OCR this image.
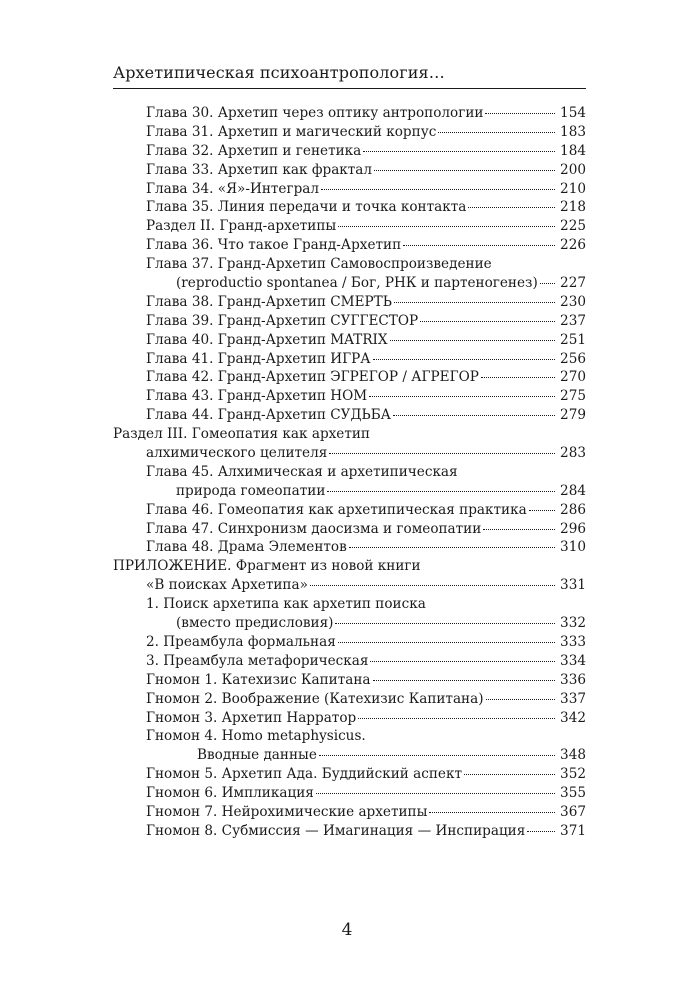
Архетипическая психоантропология…
Глава 30. Архетип через оптику антропологии	154
Глава 31. Архетип и магический корпус	183
Глава 32. Архетип и генетика	184
Глава 33. Архетип как фрактал	200
Глава 34. «Я»-Интеграл	210
Глава 35. Линия передачи и точка контакта	218
Раздел II. Гранд-архетипы	225
Глава 36. Что такое Гранд-Архетип	226
Глава 37. Гранд-Архетип Самовоспроизведение
(reproductio spontanea / Бог, РНК и партеногенез) 227
Глава 38. Гранд-Архетип СМЕРТЬ	230
Глава 39. Гранд-Архетип СУГГЕСТОР	237
Глава 40. Гранд-Архетип MATRIX	251
Глава 41. Гранд-Архетип ИГРА	256
Глава 42. Гранд-Архетип ЭГРЕГОР / АГРЕГОР	270
Глава 43. Гранд-Архетип НОМ	275
Глава 44. Гранд-Архетип СУДЬБА	279
Раздел III. Гомеопатия как архетип
алхимического целителя	283
Глава 45. Алхимическая и архетипическая
природа гомеопатии	284
Глава 46. Гомеопатия как архетипическая практика 286
Глава 47. Синхронизм даосизма и гомеопатии	296
Глава 48. Драма Элементов	310
ПРИЛОЖЕНИЕ. Фрагмент из новой книги
«В поисках Архетипа»	331
1. Поиск архетипа как архетип поиска
(вместо предисловия)	332
2. Преамбула формальная	333
3. Преамбула метафорическая	334
Гномон 1. Катехизис Капитана	336
Гномон 2. Воображение (Катехизис Капитана)	337
Гномон 3. Архетип Нарратор	342
Гномон 4. Homo metaphysicus.
Вводные данные	348
Гномон 5. Архетип Ада. Буддийский аспект	352
Гномон 6. Импликация	355
Гномон 7. Нейрохимические архетипы	367
Гномон 8. Субмиссия — Имагинация — Инспирация	371
4
